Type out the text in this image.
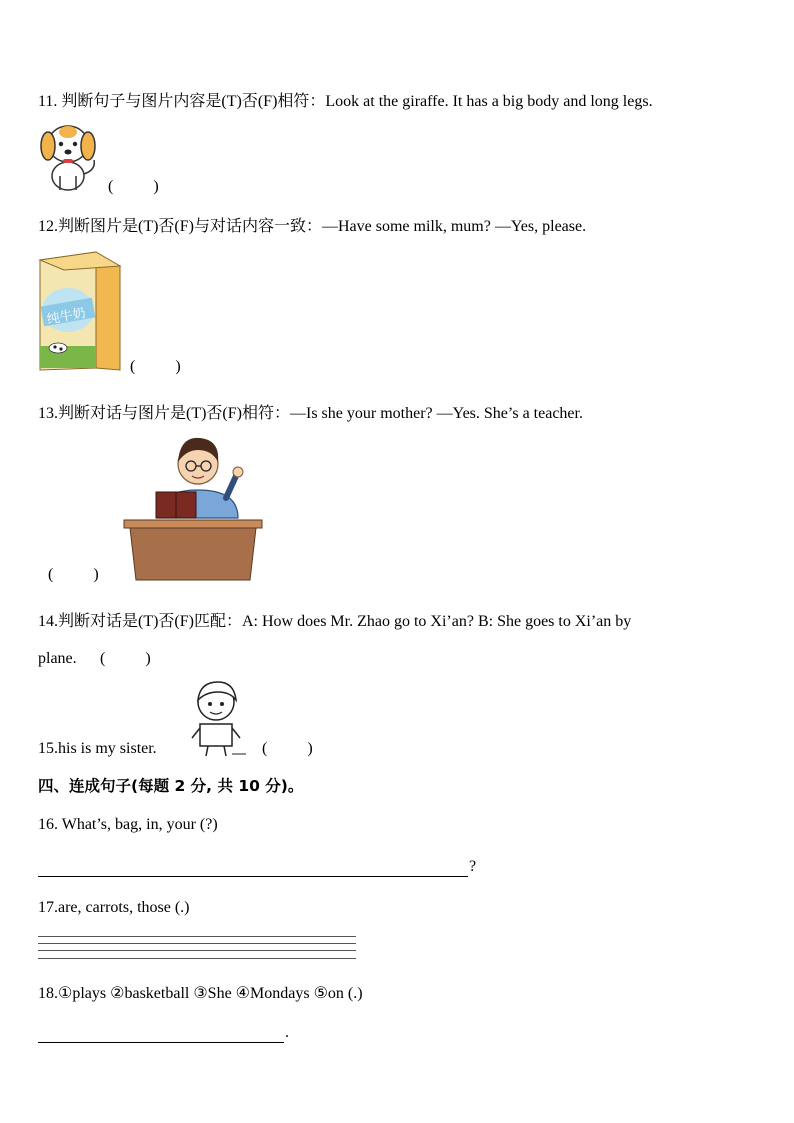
11. 判断句子与图片内容是(T)否(F)相符：Look at the giraffe. It has a big body and long legs.
(          )
12.判断图片是(T)否(F)与对话内容一致：—Have some milk, mum? —Yes, please.
纯牛奶
(          )
13.判断对话与图片是(T)否(F)相符：—Is she your mother? —Yes. She’s a teacher.
(          )
14.判断对话是(T)否(F)匹配：A: How does Mr. Zhao go to Xi’an? B: She goes to Xi’an by
plane. (          )
15.his is my sister.	(          )
四、连成句子(每题 2 分, 共 10 分)。
16. What’s, bag, in, your (?)
?
17.are, carrots, those (.)
18.①plays ②basketball ③She ④Mondays ⑤on (.)
.
